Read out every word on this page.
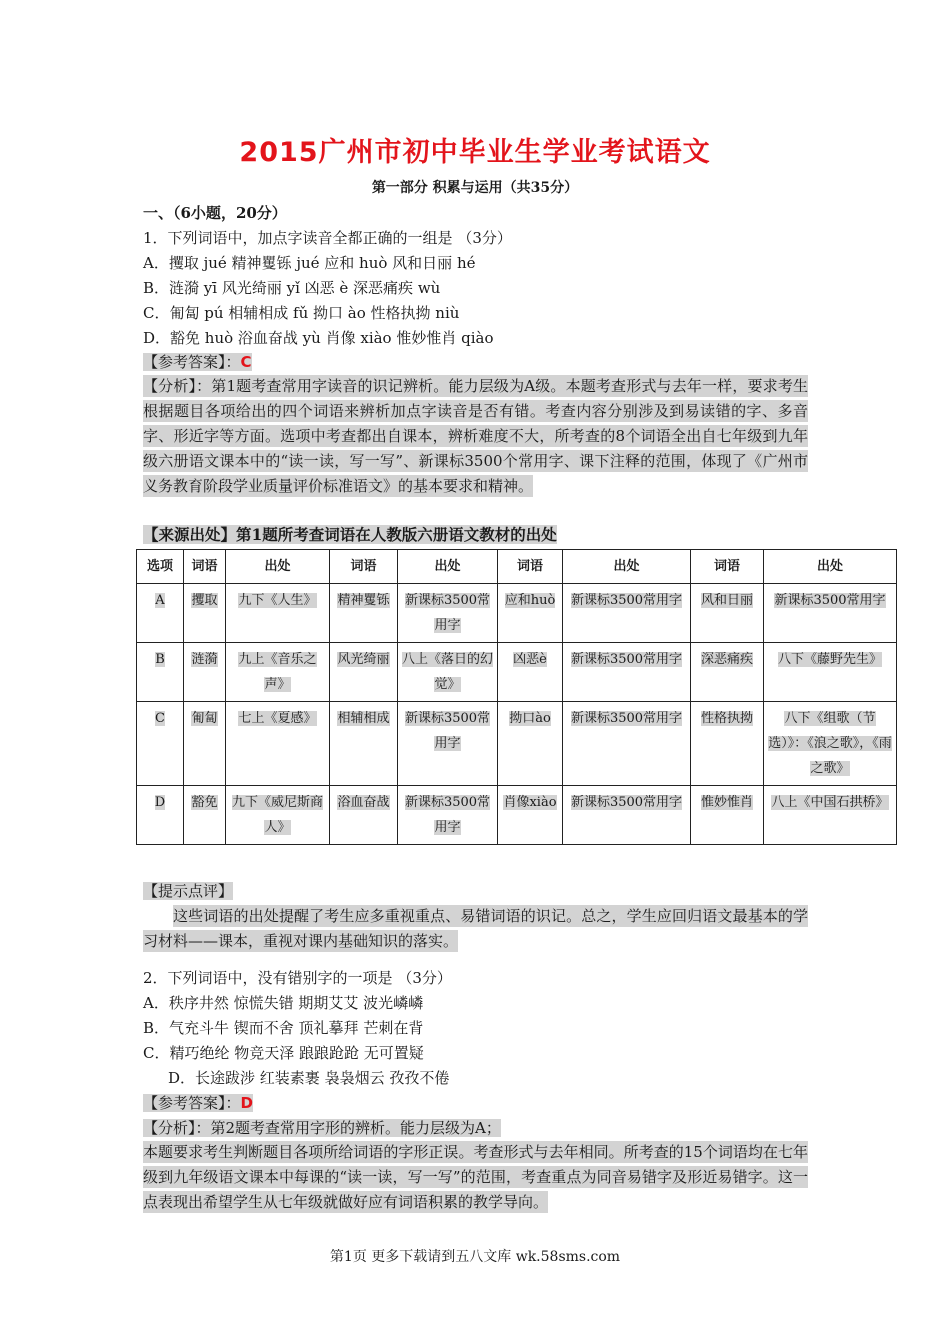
2015广州市初中毕业生学业考试语文
第一部分 积累与运用（共35分）
一、（6小题，20分）
1．下列词语中，加点字读音全都正确的一组是 （3分）
A．攫取 jué 精神矍铄 jué 应和 huò 风和日丽 hé
B．涟漪 yī 风光绮丽 yǐ 凶恶 è 深恶痛疾 wù
C．匍匐 pú 相辅相成 fǔ 拗口 ào 性格执拗 niù
D．豁免 huò 浴血奋战 yù 肖像 xiào 惟妙惟肖 qiào
【参考答案】：C
【分析】：第1题考查常用字读音的识记辨析。能力层级为A级。本题考查形式与去年一样，要求考生根据题目各项给出的四个词语来辨析加点字读音是否有错。考查内容分别涉及到易读错的字、多音字、形近字等方面。选项中考查都出自课本，辨析难度不大，所考查的8个词语全出自七年级到九年级六册语文课本中的“读一读，写一写”、新课标3500个常用字、课下注释的范围，体现了《广州市义务教育阶段学业质量评价标准语文》的基本要求和精神。
【来源出处】第1题所考查词语在人教版六册语文教材的出处
选项	词语	出处	词语	出处	词语	出处	词语	出处
A	攫取	九下《人生》	精神矍铄	新课标3500常用字	应和huò	新课标3500常用字	风和日丽	新课标3500常用字
B	涟漪	九上《音乐之声》	风光绮丽	八上《落日的幻觉》	凶恶è	新课标3500常用字	深恶痛疾	八下《藤野先生》
C	匍匐	七上《夏感》	相辅相成	新课标3500常用字	拗口ào	新课标3500常用字	性格执拗	八下《组歌（节选）》：《浪之歌》，《雨之歌》
D	豁免	九下《威尼斯商人》	浴血奋战	新课标3500常用字	肖像xiào	新课标3500常用字	惟妙惟肖	八上《中国石拱桥》
【提示点评】
这些词语的出处提醒了考生应多重视重点、易错词语的识记。总之，学生应回归语文最基本的学习材料——课本，重视对课内基础知识的落实。
2．下列词语中，没有错别字的一项是 （3分）
A．秩序井然 惊慌失错 期期艾艾 波光嶙嶙
B．气充斗牛 锲而不舍 顶礼摹拜 芒刺在背
C．精巧绝纶 物竞天泽 踉踉跄跄 无可置疑
D．长途跋涉 红装素裹 袅袅烟云 孜孜不倦
【参考答案】：D
【分析】：第2题考查常用字形的辨析。能力层级为A；
本题要求考生判断题目各项所给词语的字形正误。考查形式与去年相同。所考查的15个词语均在七年级到九年级语文课本中每课的“读一读，写一写”的范围，考查重点为同音易错字及形近易错字。这一点表现出希望学生从七年级就做好应有词语积累的教学导向。
第1页 更多下载请到五八文库 wk.58sms.com
